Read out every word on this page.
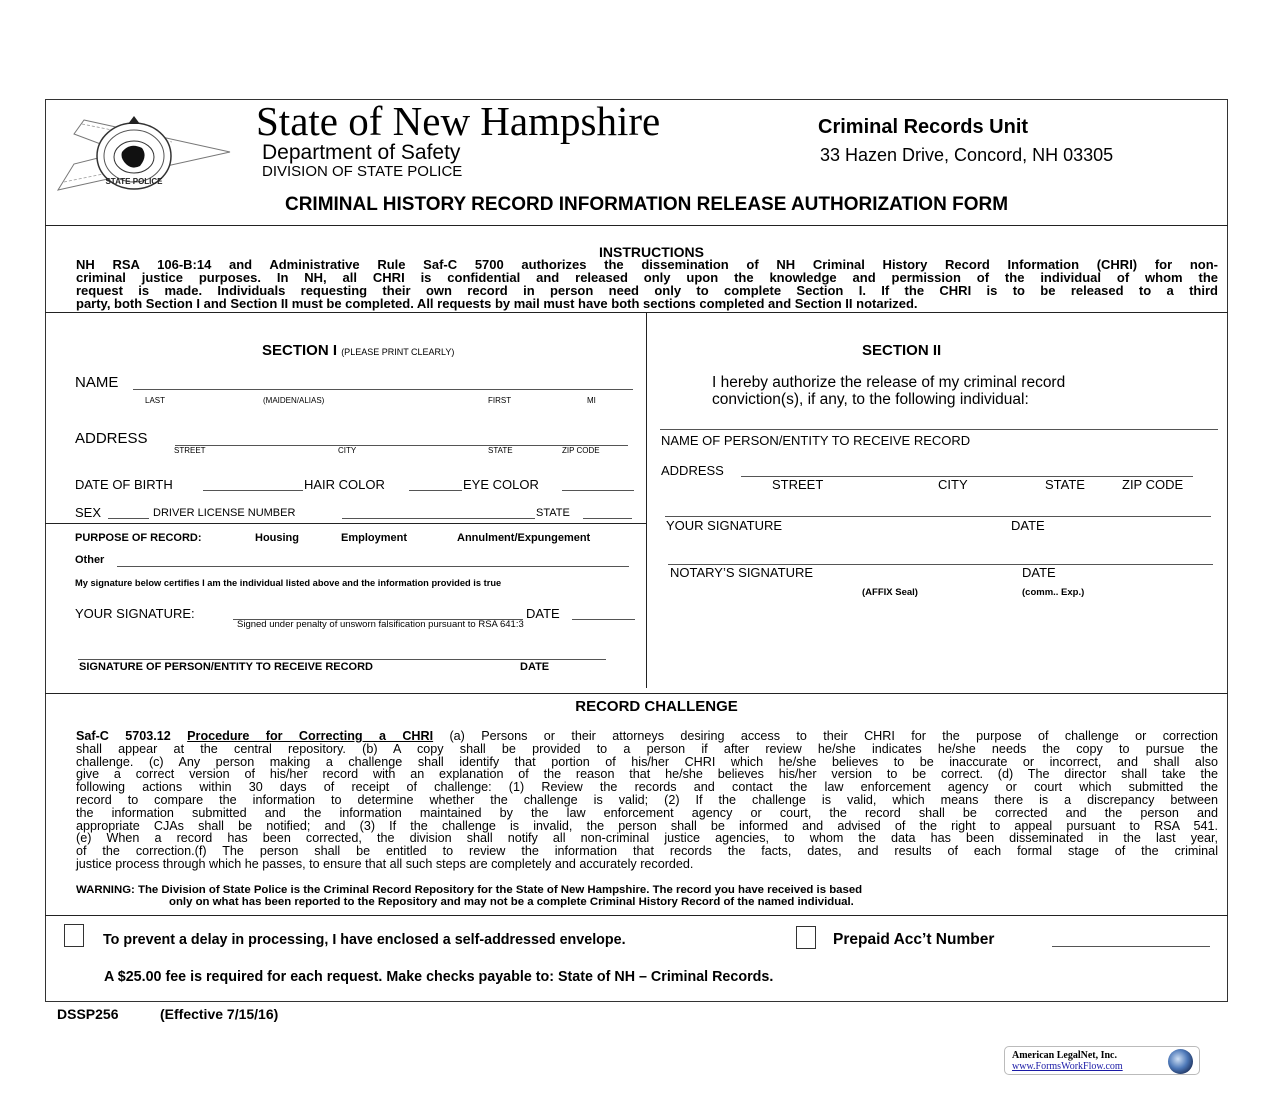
STATE POLICE
State of New Hampshire	Criminal Records Unit
Department of Safety	33 Hazen Drive, Concord, NH 03305
DIVISION OF STATE POLICE
CRIMINAL HISTORY RECORD INFORMATION RELEASE AUTHORIZATION FORM
INSTRUCTIONS
NH RSA 106-B:14 and Administrative Rule Saf-C 5700 authorizes the dissemination of NH Criminal History Record Information (CHRI) for non-
criminal justice purposes. In NH, all CHRI is confidential and released only upon the knowledge and permission of the individual of whom the
request is made. Individuals requesting their own record in person need only to complete Section I. If the CHRI is to be released to a third
party, both Section I and Section II must be completed. All requests by mail must have both sections completed and Section II notarized.
SECTION I (PLEASE PRINT CLEARLY)
NAME
LAST	(MAIDEN/ALIAS)	FIRST	MI
ADDRESS
STREET	CITY	STATE	ZIP CODE
DATE OF BIRTH	HAIR COLOR	EYE COLOR
SEX	DRIVER LICENSE NUMBER	STATE
PURPOSE OF RECORD:	Housing	Employment	Annulment/Expungement
Other
My signature below certifies I am the individual listed above and the information provided is true
YOUR SIGNATURE:	DATE
Signed under penalty of unsworn falsification pursuant to RSA 641:3
SIGNATURE OF PERSON/ENTITY TO RECEIVE RECORD	DATE
SECTION II
I hereby authorize the release of my criminal record
conviction(s), if any, to the following individual:
NAME OF PERSON/ENTITY TO RECEIVE RECORD
ADDRESS
STREET	CITY	STATE	ZIP CODE
YOUR SIGNATURE	DATE
NOTARY’S SIGNATURE	DATE
(AFFIX Seal)	(comm.. Exp.)
RECORD CHALLENGE
Saf-C 5703.12 Procedure for Correcting a CHRI (a) Persons or their attorneys desiring access to their CHRI for the purpose of challenge or correction
shall appear at the central repository. (b) A copy shall be provided to a person if after review he/she indicates he/she needs the copy to pursue the
challenge. (c) Any person making a challenge shall identify that portion of his/her CHRI which he/she believes to be inaccurate or incorrect, and shall also
give a correct version of his/her record with an explanation of the reason that he/she believes his/her version to be correct. (d) The director shall take the
following actions within 30 days of receipt of challenge: (1) Review the records and contact the law enforcement agency or court which submitted the
record to compare the information to determine whether the challenge is valid; (2) If the challenge is valid, which means there is a discrepancy between
the information submitted and the information maintained by the law enforcement agency or court, the record shall be corrected and the person and
appropriate CJAs shall be notified; and (3) If the challenge is invalid, the person shall be informed and advised of the right to appeal pursuant to RSA 541.
(e) When a record has been corrected, the division shall notify all non-criminal justice agencies, to whom the data has been disseminated in the last year,
of the correction.(f) The person shall be entitled to review the information that records the facts, dates, and results of each formal stage of the criminal
justice process through which he passes, to ensure that all such steps are completely and accurately recorded.
WARNING: The Division of State Police is the Criminal Record Repository for the State of New Hampshire. The record you have received is based
only on what has been reported to the Repository and may not be a complete Criminal History Record of the named individual.
To prevent a delay in processing, I have enclosed a self-addressed envelope.	Prepaid Acc’t Number
A $25.00 fee is required for each request. Make checks payable to: State of NH – Criminal Records.
DSSP256	(Effective 7/15/16)
American LegalNet, Inc.
www.FormsWorkFlow.com
